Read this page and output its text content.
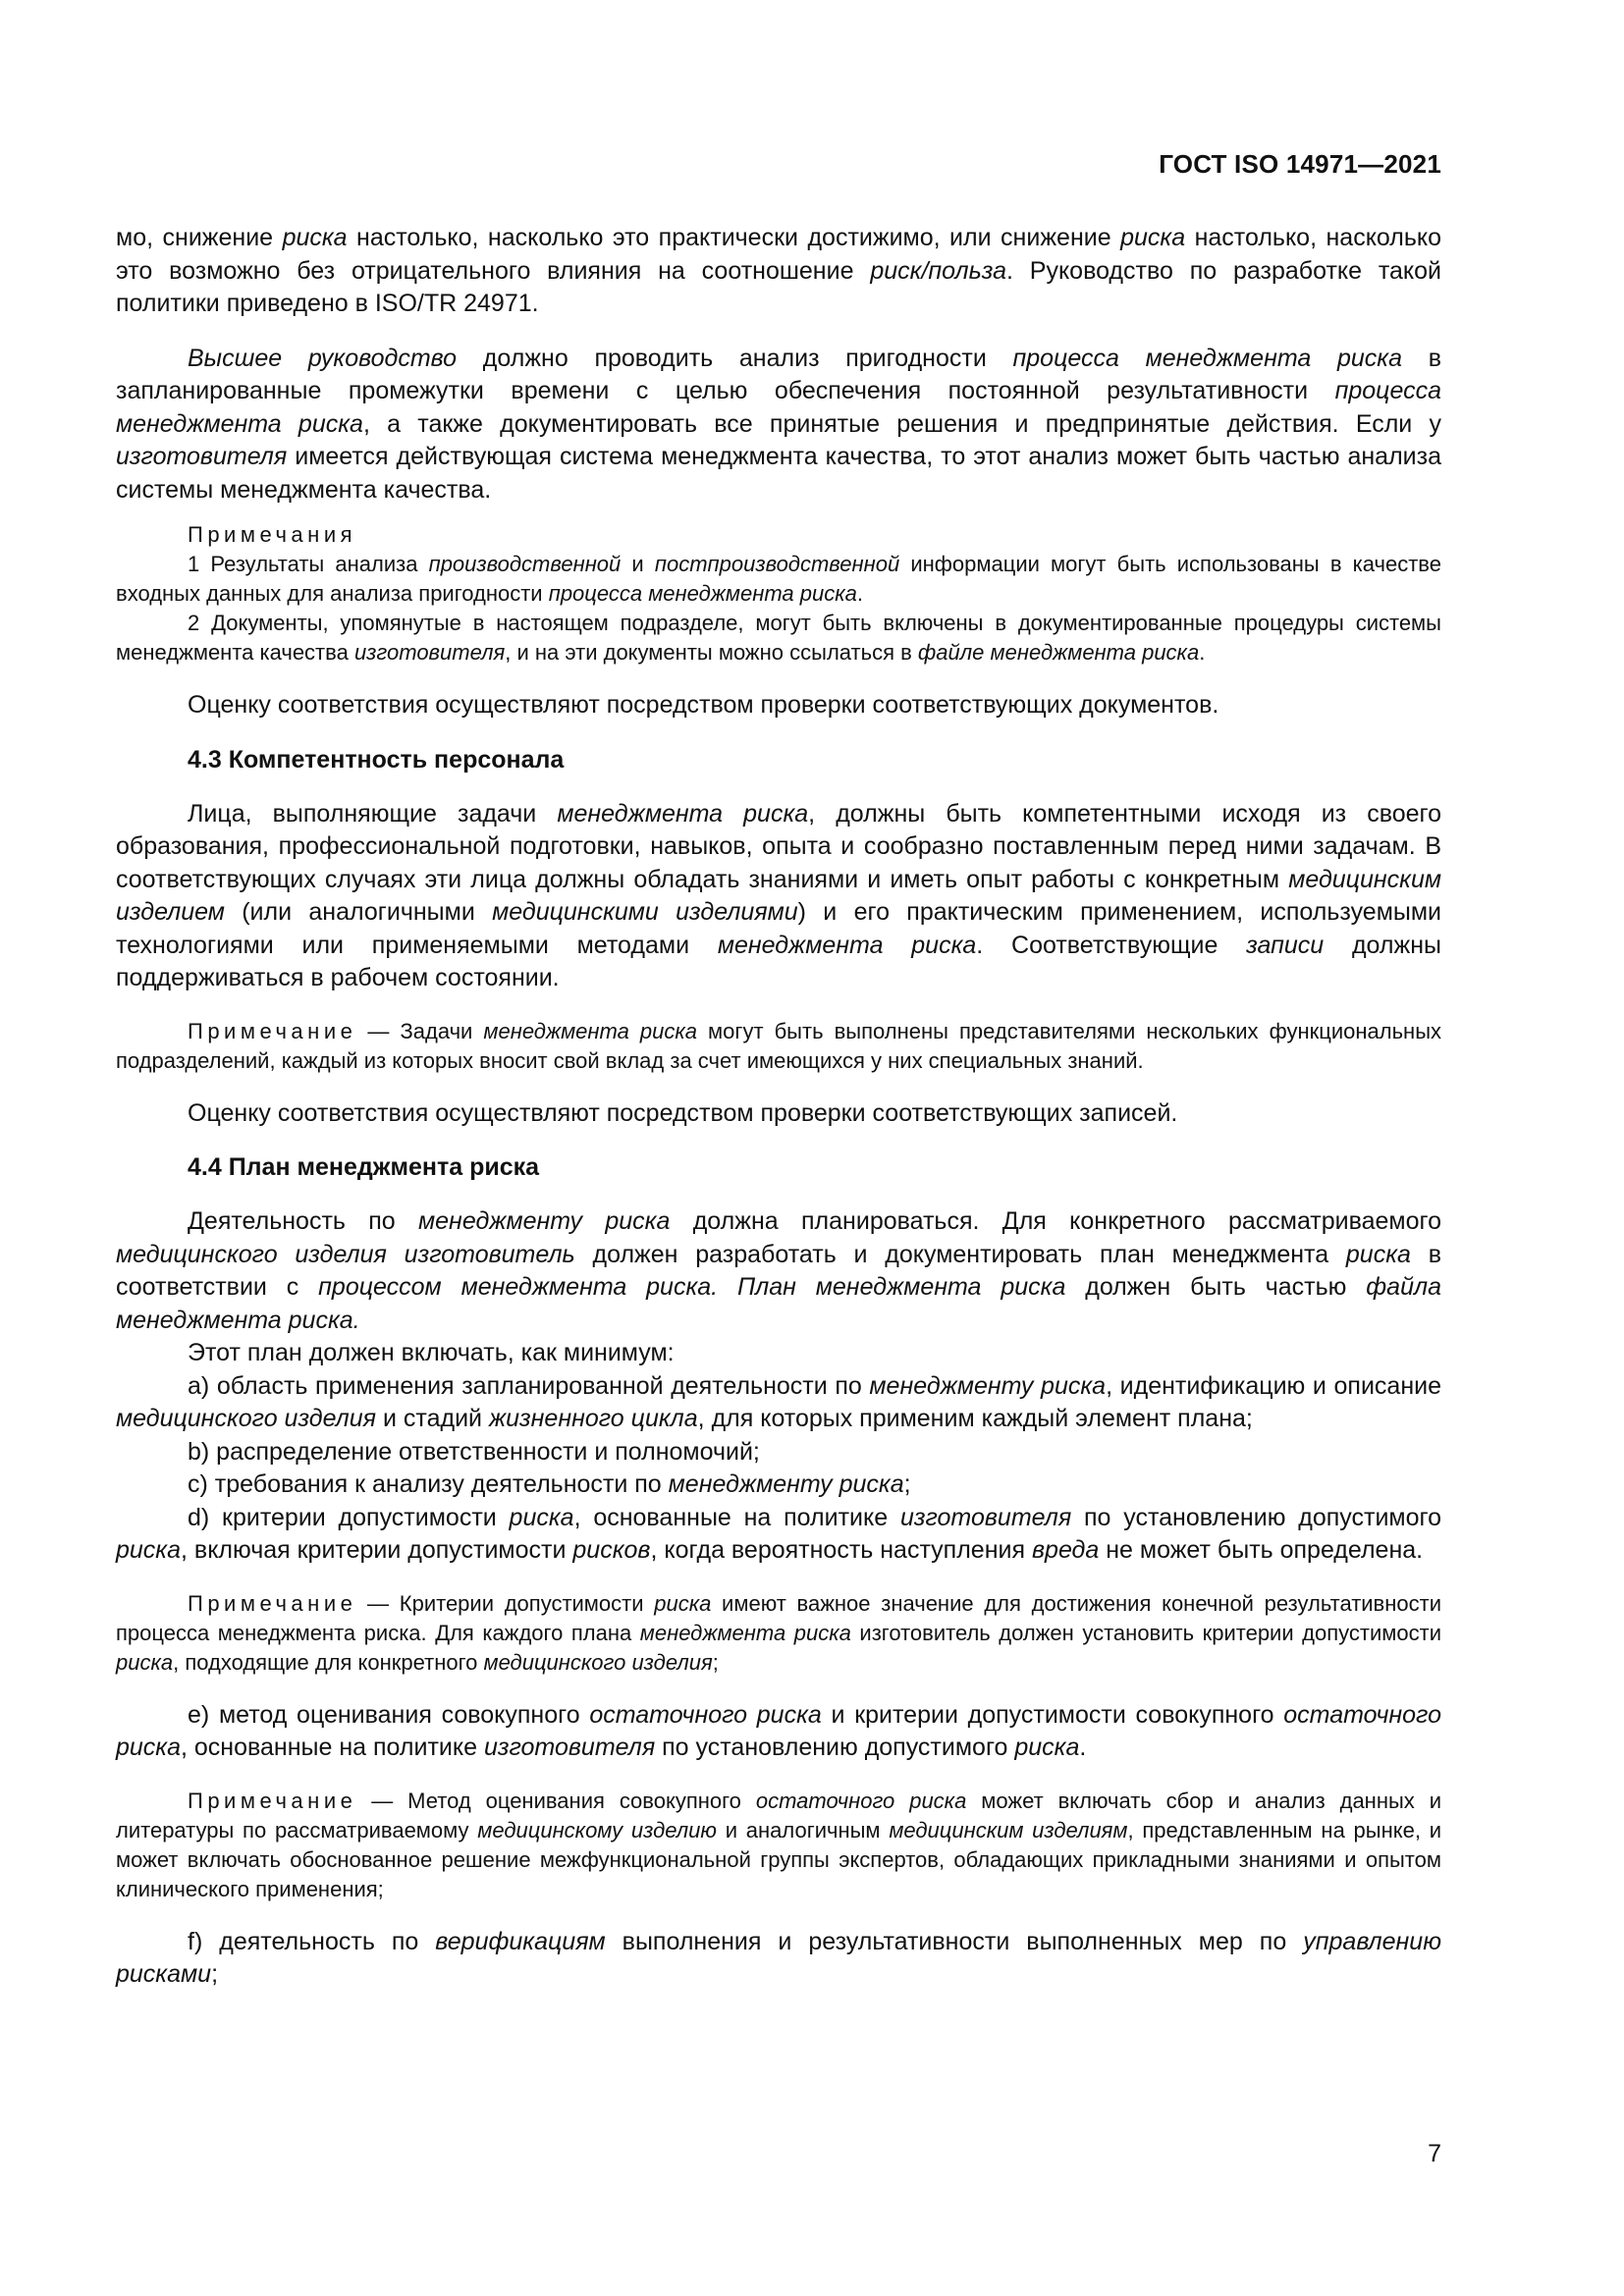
ГОСТ ISO 14971—2021

мо, снижение риска настолько, насколько это практически достижимо, или снижение риска настолько, насколько это возможно без отрицательного влияния на соотношение риск/польза. Руководство по разработке такой политики приведено в ISO/TR 24971.

Высшее руководство должно проводить анализ пригодности процесса менеджмента риска в запланированные промежутки времени с целью обеспечения постоянной результативности процесса менеджмента риска, а также документировать все принятые решения и предпринятые действия. Если у изготовителя имеется действующая система менеджмента качества, то этот анализ может быть частью анализа системы менеджмента качества.

Примечания

1 Результаты анализа производственной и постпроизводственной информации могут быть использованы в качестве входных данных для анализа пригодности процесса менеджмента риска.

2 Документы, упомянутые в настоящем подразделе, могут быть включены в документированные процедуры системы менеджмента качества изготовителя, и на эти документы можно ссылаться в файле менеджмента риска.

Оценку соответствия осуществляют посредством проверки соответствующих документов.

4.3 Компетентность персонала

Лица, выполняющие задачи менеджмента риска, должны быть компетентными исходя из своего образования, профессиональной подготовки, навыков, опыта и сообразно поставленным перед ними задачам. В соответствующих случаях эти лица должны обладать знаниями и иметь опыт работы с конкретным медицинским изделием (или аналогичными медицинскими изделиями) и его практическим применением, используемыми технологиями или применяемыми методами менеджмента риска. Соответствующие записи должны поддерживаться в рабочем состоянии.

Примечание — Задачи менеджмента риска могут быть выполнены представителями нескольких функциональных подразделений, каждый из которых вносит свой вклад за счет имеющихся у них специальных знаний.

Оценку соответствия осуществляют посредством проверки соответствующих записей.

4.4 План менеджмента риска

Деятельность по менеджменту риска должна планироваться. Для конкретного рассматриваемого медицинского изделия изготовитель должен разработать и документировать план менеджмента риска в соответствии с процессом менеджмента риска. План менеджмента риска должен быть частью файла менеджмента риска.

Этот план должен включать, как минимум:

a) область применения запланированной деятельности по менеджменту риска, идентификацию и описание медицинского изделия и стадий жизненного цикла, для которых применим каждый элемент плана;

b) распределение ответственности и полномочий;

c) требования к анализу деятельности по менеджменту риска;

d) критерии допустимости риска, основанные на политике изготовителя по установлению допустимого риска, включая критерии допустимости рисков, когда вероятность наступления вреда не может быть определена.

Примечание — Критерии допустимости риска имеют важное значение для достижения конечной результативности процесса менеджмента риска. Для каждого плана менеджмента риска изготовитель должен установить критерии допустимости риска, подходящие для конкретного медицинского изделия;

e) метод оценивания совокупного остаточного риска и критерии допустимости совокупного остаточного риска, основанные на политике изготовителя по установлению допустимого риска.

Примечание — Метод оценивания совокупного остаточного риска может включать сбор и анализ данных и литературы по рассматриваемому медицинскому изделию и аналогичным медицинским изделиям, представленным на рынке, и может включать обоснованное решение межфункциональной группы экспертов, обладающих прикладными знаниями и опытом клинического применения;

f) деятельность по верификациям выполнения и результативности выполненных мер по управлению рисками;

7
